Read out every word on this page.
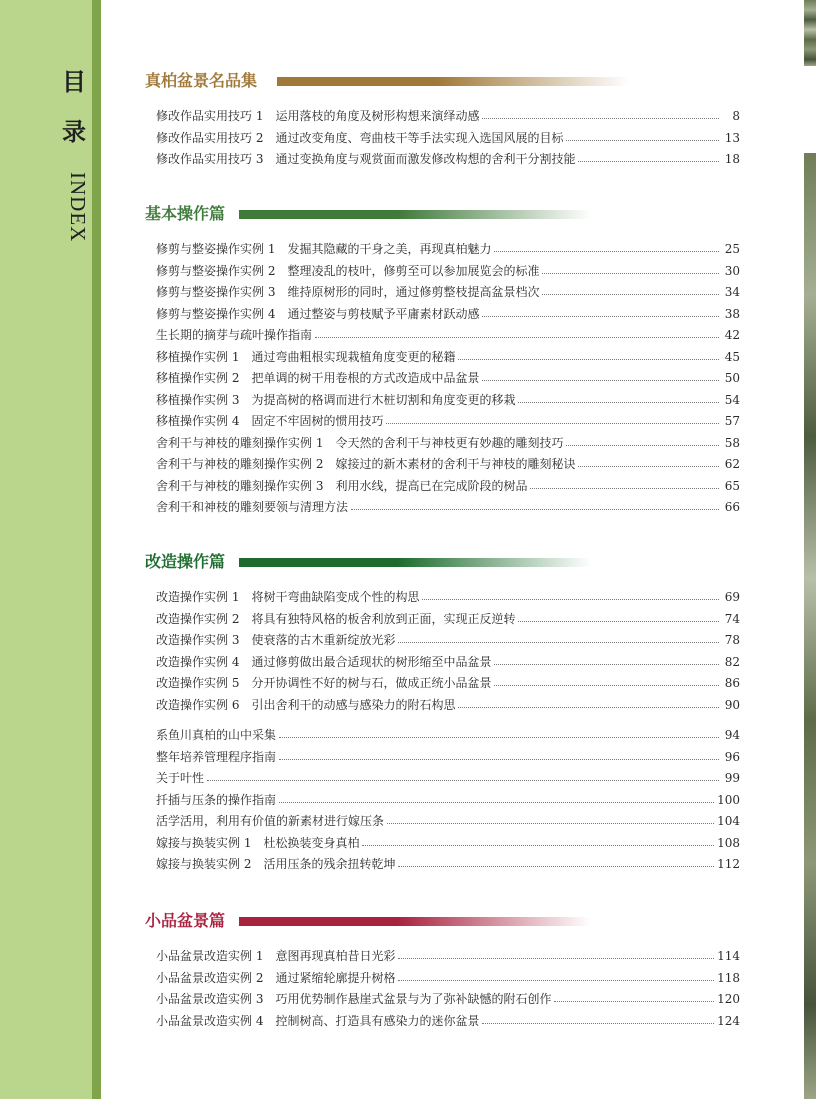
目
录
INDEX
真柏盆景名品集
修改作品实用技巧 1　运用落枝的角度及树形构想来演绎动感	8
修改作品实用技巧 2　通过改变角度、弯曲枝干等手法实现入选国风展的目标	13
修改作品实用技巧 3　通过变换角度与观赏面而激发修改构想的舍利干分割技能	18
基本操作篇
修剪与整姿操作实例 1　发掘其隐藏的干身之美，再现真柏魅力	25
修剪与整姿操作实例 2　整理凌乱的枝叶，修剪至可以参加展览会的标准	30
修剪与整姿操作实例 3　维持原树形的同时，通过修剪整枝提高盆景档次	34
修剪与整姿操作实例 4　通过整姿与剪枝赋予平庸素材跃动感	38
生长期的摘芽与疏叶操作指南	42
移植操作实例 1　通过弯曲粗根实现栽植角度变更的秘籍	45
移植操作实例 2　把单调的树干用卷根的方式改造成中品盆景	50
移植操作实例 3　为提高树的格调而进行木桩切割和角度变更的移栽	54
移植操作实例 4　固定不牢固树的惯用技巧	57
舍利干与神枝的雕刻操作实例 1　令天然的舍利干与神枝更有妙趣的雕刻技巧	58
舍利干与神枝的雕刻操作实例 2　嫁接过的新木素材的舍利干与神枝的雕刻秘诀	62
舍利干与神枝的雕刻操作实例 3　利用水线，提高已在完成阶段的树品	65
舍利干和神枝的雕刻要领与清理方法	66
改造操作篇
改造操作实例 1　将树干弯曲缺陷变成个性的构思	69
改造操作实例 2　将具有独特风格的板舍利放到正面，实现正反逆转	74
改造操作实例 3　使衰落的古木重新绽放光彩	78
改造操作实例 4　通过修剪做出最合适现状的树形缩至中品盆景	82
改造操作实例 5　分开协调性不好的树与石，做成正统小品盆景	86
改造操作实例 6　引出舍利干的动感与感染力的附石构思	90
系鱼川真柏的山中采集	94
整年培养管理程序指南	96
关于叶性	99
扦插与压条的操作指南	100
活学活用，利用有价值的新素材进行嫁压条	104
嫁接与换装实例 1　杜松换装变身真柏	108
嫁接与换装实例 2　活用压条的残余扭转乾坤	112
小品盆景篇
小品盆景改造实例 1　意图再现真柏昔日光彩	114
小品盆景改造实例 2　通过紧缩轮廓提升树格	118
小品盆景改造实例 3　巧用优势制作悬崖式盆景与为了弥补缺憾的附石创作	120
小品盆景改造实例 4　控制树高、打造具有感染力的迷你盆景	124
